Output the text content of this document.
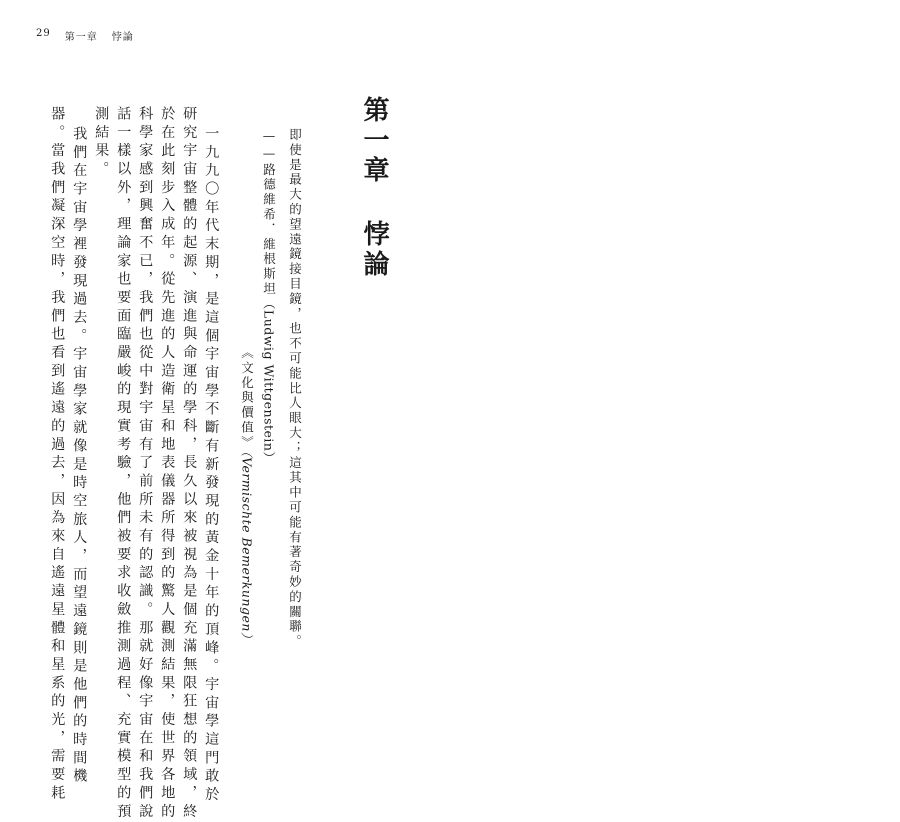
29 第一章 悖論
第一章 悖論
即使是最大的望遠鏡接目鏡，也不可能比人眼大；這其中可能有著奇妙的關聯。
——路德維希．維根斯坦（Ludwig Wittgenstein）
《文化與價值》（Vermischte Bemerkungen）
一九九〇年代末期，是這個宇宙學不斷有新發現的黃金十年的頂峰。宇宙學這門敢於
研究宇宙整體的起源、演進與命運的學科，長久以來被視為是個充滿無限狂想的領域，終
於在此刻步入成年。從先進的人造衛星和地表儀器所得到的驚人觀測結果，使世界各地的
科學家感到興奮不已，我們也從中對宇宙有了前所未有的認識。那就好像宇宙在和我們說
話一樣以外，理論家也要面臨嚴峻的現實考驗，他們被要求收斂推測過程、充實模型的預
測結果。
我們在宇宙學裡發現過去。宇宙學家就像是時空旅人，而望遠鏡則是他們的時間機
器。當我們凝深空時，我們也看到遙遠的過去，因為來自遙遠星體和星系的光，需要耗
